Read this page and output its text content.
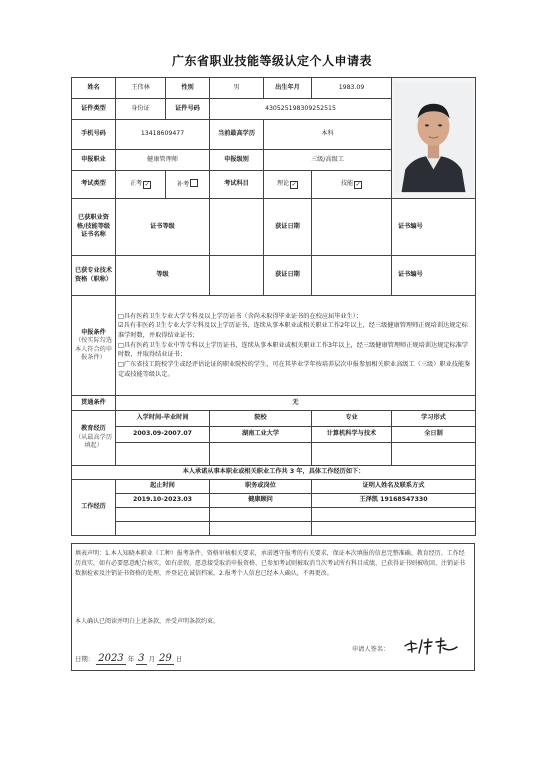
广东省职业技能等级认定个人申请表
姓名	王伟林	性别	男	出生年月	1983.09	

证件类型	身份证	证件号码	430525198309252515			
手机号码	13418609477		当前最高学历	本科		
申报职业	健康管理师		申报级别	三级/高级工		
考试类型	正考✓	补考	考试科目	理论✓	技能✓
已获职业资格/技能等级证书名称	证书等级			获证日期		证书编号
已获专业技术资格（职称）	等级			获证日期		证书编号

申报条件
（按实际勾选本人符合的申报条件）	□具有医药卫生专业大学专科及以上学历证书（含尚未取得毕业证书的在校应届毕业生）；
☑具有非医药卫生专业大学专科及以上学历证书，连续从事本职业或相关职业工作2年以上，经三级健康管理师正规培训达规定标准学时数，并取得结业证书；
□具有医药卫生专业中等专科以上学历证书，连续从事本职业或相关职业工作3年以上，经三级健康管理师正规培训达规定标准学时数，并取得结业证书；
□广东省技工院校学生或经评估论证的职业院校的学生，可在其毕业学年按培养层次申报参加相关职业高级工（三级）职业技能鉴定或技能等级认定。					

贯通条件	无					

教育经历
（从最高学历填起）	入学时间-毕业时间		院校		专业	学习形式
	2003.09-2007.07		湖南工业大学		计算机科学与技术	全日制

本人承诺从事本职业或相关职业工作共 3 年，具体工作经历如下：						
工作经历	起止时间		职务或岗位		证明人姓名及联系方式	
	2019.10-2023.03		健康顾问		王泽凯 19168547330	

填表声明：1.本人知晓本职业（工种）报考条件、资格审核相关要求，承诺遵守报考的有关要求，保证本次填报的信息完整准确、教育经历、工作经历真实，如有必要愿意配合核实，如有虚假，愿意接受取消申报资格、已参加考试则被取消当次考试所有科目成绩、已获得证书则被收回、注销证书数据检索及注销证书资格的处理，并登记在诚信档案。2.报考个人信息已经本人确认，不再更改。
本人确认已阅读并明白上述条款，并受声明条款约束。
申请人签名：
日期： 2023 年 3 月 29 日
